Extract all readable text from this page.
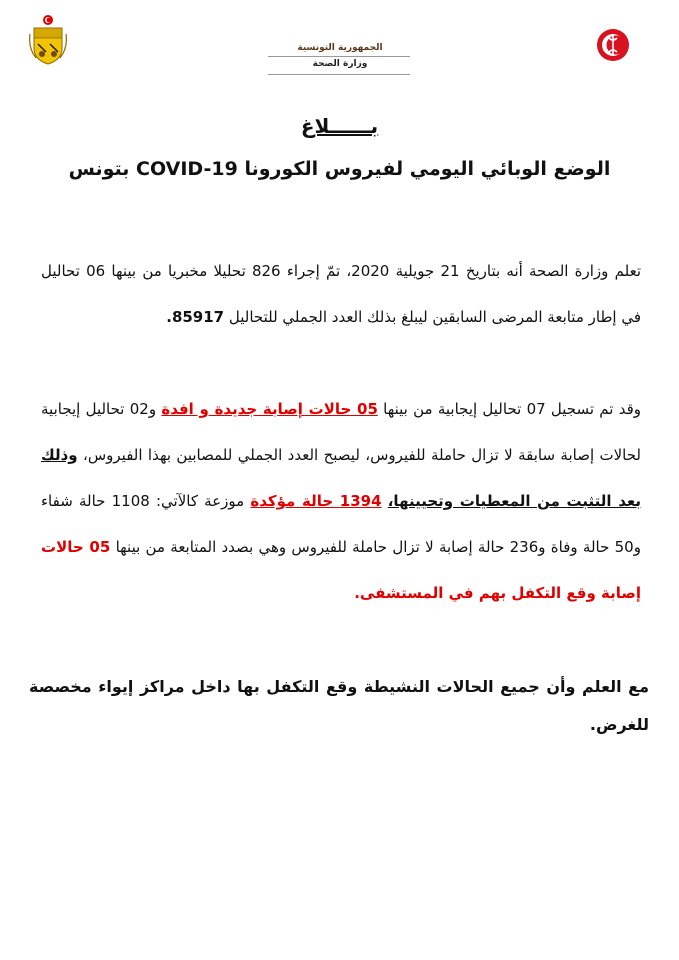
الجمهورية التونسية
وزارة الصحة
بــــــلاغ
الوضع الوبائي اليومي لفيروس الكورونا COVID-19 بتونس
تعلم وزارة الصحة أنه بتاريخ 21 جويلية 2020، تمّ إجراء 826 تحليلا مخبريا من بينها 06 تحاليل في إطار متابعة المرضى السابقين ليبلغ بذلك العدد الجملي للتحاليل 85917.
وقد تم تسجيل 07 تحاليل إيجابية من بينها 05 حالات إصابة جديدة و افدة و02 تحاليل إيجابية لحالات إصابة سابقة لا تزال حاملة للفيروس، ليصبح العدد الجملي للمصابين بهذا الفيروس، وذلك بعد التثبت من المعطيات وتحيينها، 1394 حالة مؤكدة موزعة كالآتي: 1108 حالة شفاء و50 حالة وفاة و236 حالة إصابة لا تزال حاملة للفيروس وهي بصدد المتابعة من بينها 05 حالات إصابة وقع التكفل بهم في المستشفى.
مع العلم وأن جميع الحالات النشيطة وقع التكفل بها داخل مراكز إيواء مخصصة للغرض.
